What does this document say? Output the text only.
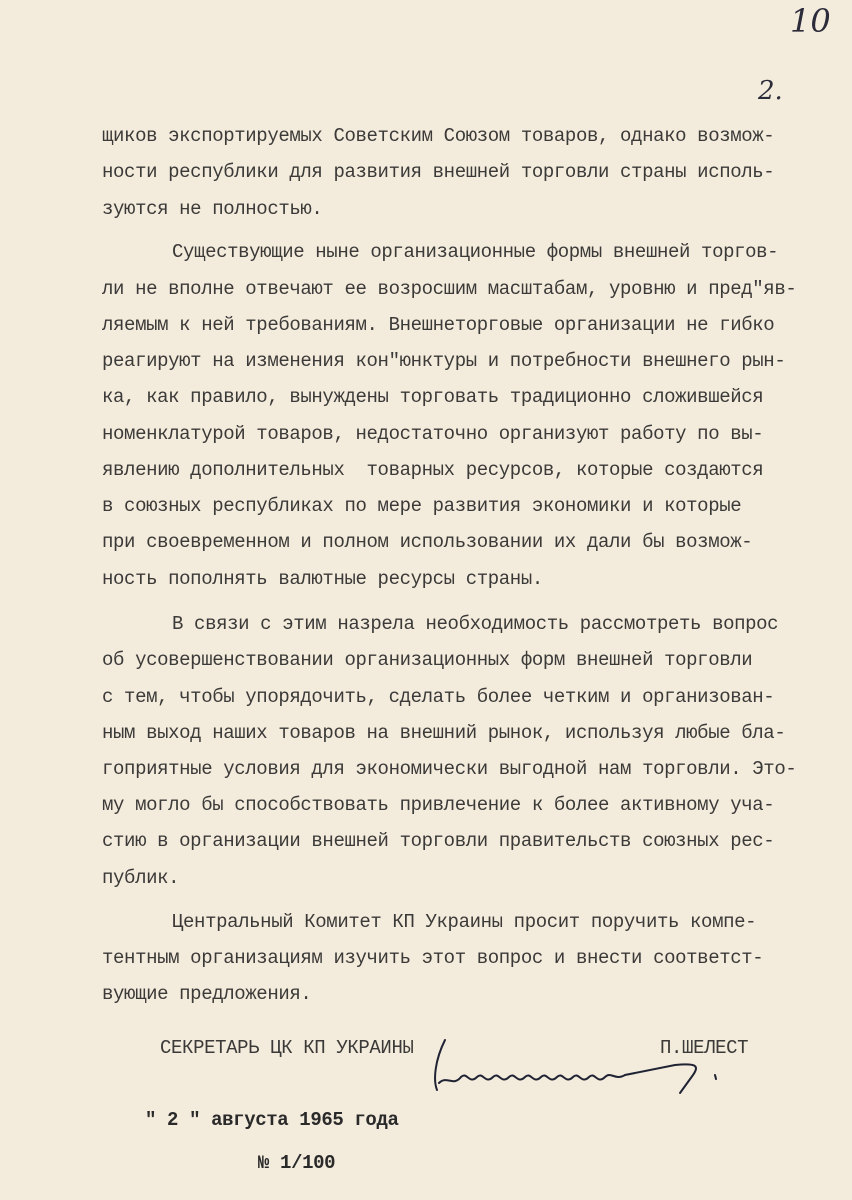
10
2.
щиков экспортируемых Советским Союзом товаров, однако возмож-
ности республики для развития внешней торговли страны исполь-
зуются не полностью.
Существующие ныне организационные формы внешней торгов-
ли не вполне отвечают ее возросшим масштабам, уровню и пред"яв-
ляемым к ней требованиям. Внешнеторговые организации не гибко
реагируют на изменения кон"юнктуры и потребности внешнего рын-
ка, как правило, вынуждены торговать традиционно сложившейся
номенклатурой товаров, недостаточно организуют работу по вы-
явлению дополнительных  товарных ресурсов, которые создаются
в союзных республиках по мере развития экономики и которые
при своевременном и полном использовании их дали бы возмож-
ность пополнять валютные ресурсы страны.
В связи с этим назрела необходимость рассмотреть вопрос
об усовершенствовании организационных форм внешней торговли
с тем, чтобы упорядочить, сделать более четким и организован-
ным выход наших товаров на внешний рынок, используя любые бла-
гоприятные условия для экономически выгодной нам торговли. Это-
му могло бы способствовать привлечение к более активному уча-
стию в организации внешней торговли правительств союзных рес-
публик.
Центральный Комитет КП Украины просит поручить компе-
тентным организациям изучить этот вопрос и внести соответст-
вующие предложения.
СЕКРЕТАРЬ ЦК КП УКРАИНЫ	П.ШЕЛЕСТ
" 2 " августа 1965 года
№ 1/100
